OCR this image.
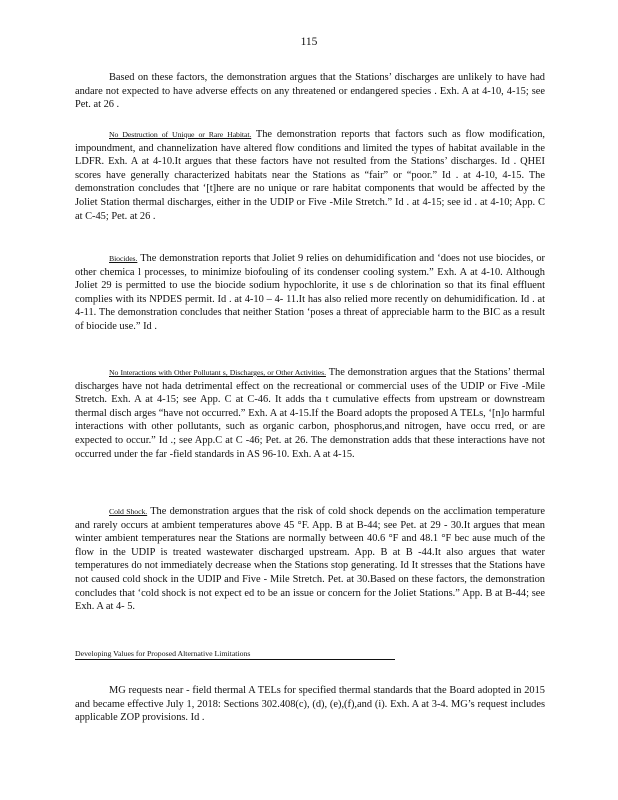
115

Based on these factors, the demonstration argues that the Stations’ discharges are unlikely to have had andare not expected to have adverse effects on any threatened or endangered species . Exh. A at 4-10, 4-15; see Pet. at 26 .

No Destruction of Unique or Rare Habitat. The demonstration reports that factors such as flow modification, impoundment, and channelization have altered flow conditions and limited the types of habitat available in the LDFR. Exh. A at 4-10.It argues that these factors have not resulted from the Stations’ discharges. Id . QHEI scores have generally characterized habitats near the Stations as “fair” or “poor.” Id . at 4-10, 4-15. The demonstration concludes that ‘[t]here are no unique or rare habitat components that would be affected by the Joliet Station thermal discharges, either in the UDIP or Five -Mile Stretch.” Id . at 4-15; see id . at 4-10; App. C at C-45; Pet. at 26 .

Biocides. The demonstration reports that Joliet 9 relies on dehumidification and ‘does not use biocides, or other chemica l processes, to minimize biofouling of its condenser cooling system.” Exh. A at 4-10. Although Joliet 29 is permitted to use the biocide sodium hypochlorite, it use s de chlorination so that its final effluent complies with its NPDES permit. Id . at 4-10 – 4- 11.It has also relied more recently on dehumidification. Id . at 4-11. The demonstration concludes that neither Station ‘poses a threat of appreciable harm to the BIC as a result of biocide use.” Id .

No Interactions with Other Pollutant s, Discharges, or Other Activities. The demonstration argues that the Stations’ thermal discharges have not hada detrimental effect on the recreational or commercial uses of the UDIP or Five -Mile Stretch. Exh. A at 4-15; see App. C at C-46. It adds tha t cumulative effects from upstream or downstream thermal disch arges “have not occurred.” Exh. A at 4-15.If the Board adopts the proposed A TELs, ‘[n]o harmful interactions with other pollutants, such as organic carbon, phosphorus,and nitrogen, have occu rred, or are expected to occur.” Id .; see App.C at C -46; Pet. at 26. The demonstration adds that these interactions have not occurred under the far -field standards in AS 96-10. Exh. A at 4-15.

Cold Shock. The demonstration argues that the risk of cold shock depends on the acclimation temperature and rarely occurs at ambient temperatures above 45 °F. App. B at B-44; see Pet. at 29 - 30.It argues that mean winter ambient temperatures near the Stations are normally between 40.6 °F and 48.1 °F bec ause much of the flow in the UDIP is treated wastewater discharged upstream. App. B at B -44.It also argues that water temperatures do not immediately decrease when the Stations stop generating. Id It stresses that the Stations have not caused cold shock in the UDIP and Five - Mile Stretch. Pet. at 30.Based on these factors, the demonstration concludes that ‘cold shock is not expect ed to be an issue or concern for the Joliet Stations.” App. B at B-44; see Exh. A at 4- 5.

Developing Values for Proposed Alternative Limitations

MG requests near - field thermal A TELs for specified thermal standards that the Board adopted in 2015 and became effective July 1, 2018: Sections 302.408(c), (d), (e),(f),and (i). Exh. A at 3-4. MG’s request includes applicable ZOP provisions. Id .
